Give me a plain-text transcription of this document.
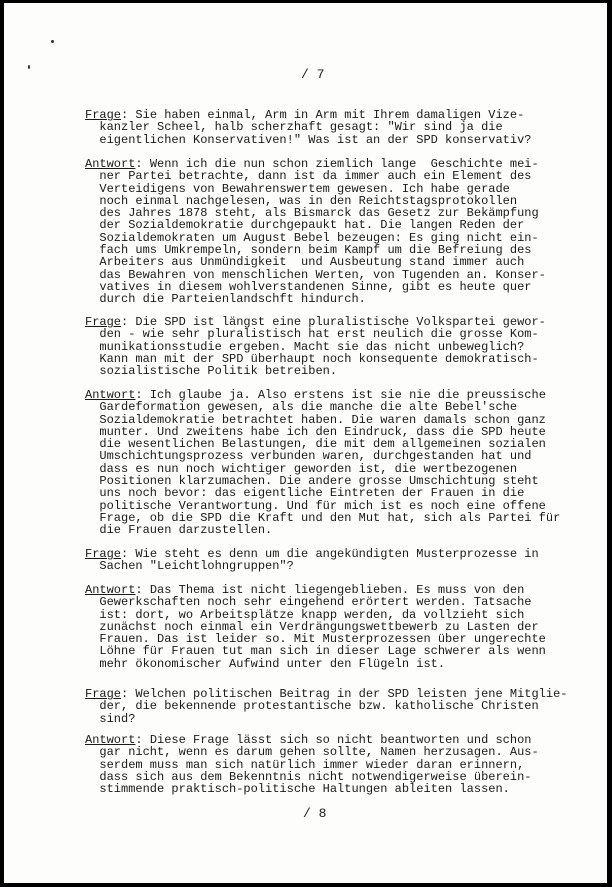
/ 7
Frage: Sie haben einmal, Arm in Arm mit Ihrem damaligen Vize-
kanzler Scheel, halb scherzhaft gesagt: "Wir sind ja die
eigentlichen Konservativen!" Was ist an der SPD konservativ?
Antwort: Wenn ich die nun schon ziemlich lange  Geschichte mei-
ner Partei betrachte, dann ist da immer auch ein Element des
Verteidigens von Bewahrenswertem gewesen. Ich habe gerade
noch einmal nachgelesen, was in den Reichtstagsprotokollen
des Jahres 1878 steht, als Bismarck das Gesetz zur Bekämpfung
der Sozialdemokratie durchgepaukt hat. Die langen Reden der
Sozialdemokraten um August Bebel bezeugen: Es ging nicht ein-
fach ums Umkrempeln, sondern beim Kampf um die Befreiung des
Arbeiters aus Unmündigkeit  und Ausbeutung stand immer auch
das Bewahren von menschlichen Werten, von Tugenden an. Konser-
vatives in diesem wohlverstandenen Sinne, gibt es heute quer
durch die Parteienlandschft hindurch.
Frage: Die SPD ist längst eine pluralistische Volkspartei gewor-
den - wie sehr pluralistisch hat erst neulich die grosse Kom-
munikationsstudie ergeben. Macht sie das nicht unbeweglich?
Kann man mit der SPD überhaupt noch konsequente demokratisch-
sozialistische Politik betreiben.
Antwort: Ich glaube ja. Also erstens ist sie nie die preussische
Gardeformation gewesen, als die manche die alte Bebel'sche
Sozialdemokratie betrachtet haben. Die waren damals schon ganz
munter. Und zweitens habe ich den Eindruck, dass die SPD heute
die wesentlichen Belastungen, die mit dem allgemeinen sozialen
Umschichtungsprozess verbunden waren, durchgestanden hat und
dass es nun noch wichtiger geworden ist, die wertbezogenen
Positionen klarzumachen. Die andere grosse Umschichtung steht
uns noch bevor: das eigentliche Eintreten der Frauen in die
politische Verantwortung. Und für mich ist es noch eine offene
Frage, ob die SPD die Kraft und den Mut hat, sich als Partei für
die Frauen darzustellen.
Frage: Wie steht es denn um die angekündigten Musterprozesse in
Sachen "Leichtlohngruppen"?
Antwort: Das Thema ist nicht liegengeblieben. Es muss von den
Gewerkschaften noch sehr eingehend erörtert werden. Tatsache
ist: dort, wo Arbeitsplätze knapp werden, da vollzieht sich
zunächst noch einmal ein Verdrängungswettbewerb zu Lasten der
Frauen. Das ist leider so. Mit Musterprozessen über ungerechte
Löhne für Frauen tut man sich in dieser Lage schwerer als wenn
mehr ökonomischer Aufwind unter den Flügeln ist.
Frage: Welchen politischen Beitrag in der SPD leisten jene Mitglie-
der, die bekennende protestantische bzw. katholische Christen
sind?
Antwort: Diese Frage lässt sich so nicht beantworten und schon
gar nicht, wenn es darum gehen sollte, Namen herzusagen. Aus-
serdem muss man sich natürlich immer wieder daran erinnern,
dass sich aus dem Bekenntnis nicht notwendigerweise überein-
stimmende praktisch-politische Haltungen ableiten lassen.
/ 8
